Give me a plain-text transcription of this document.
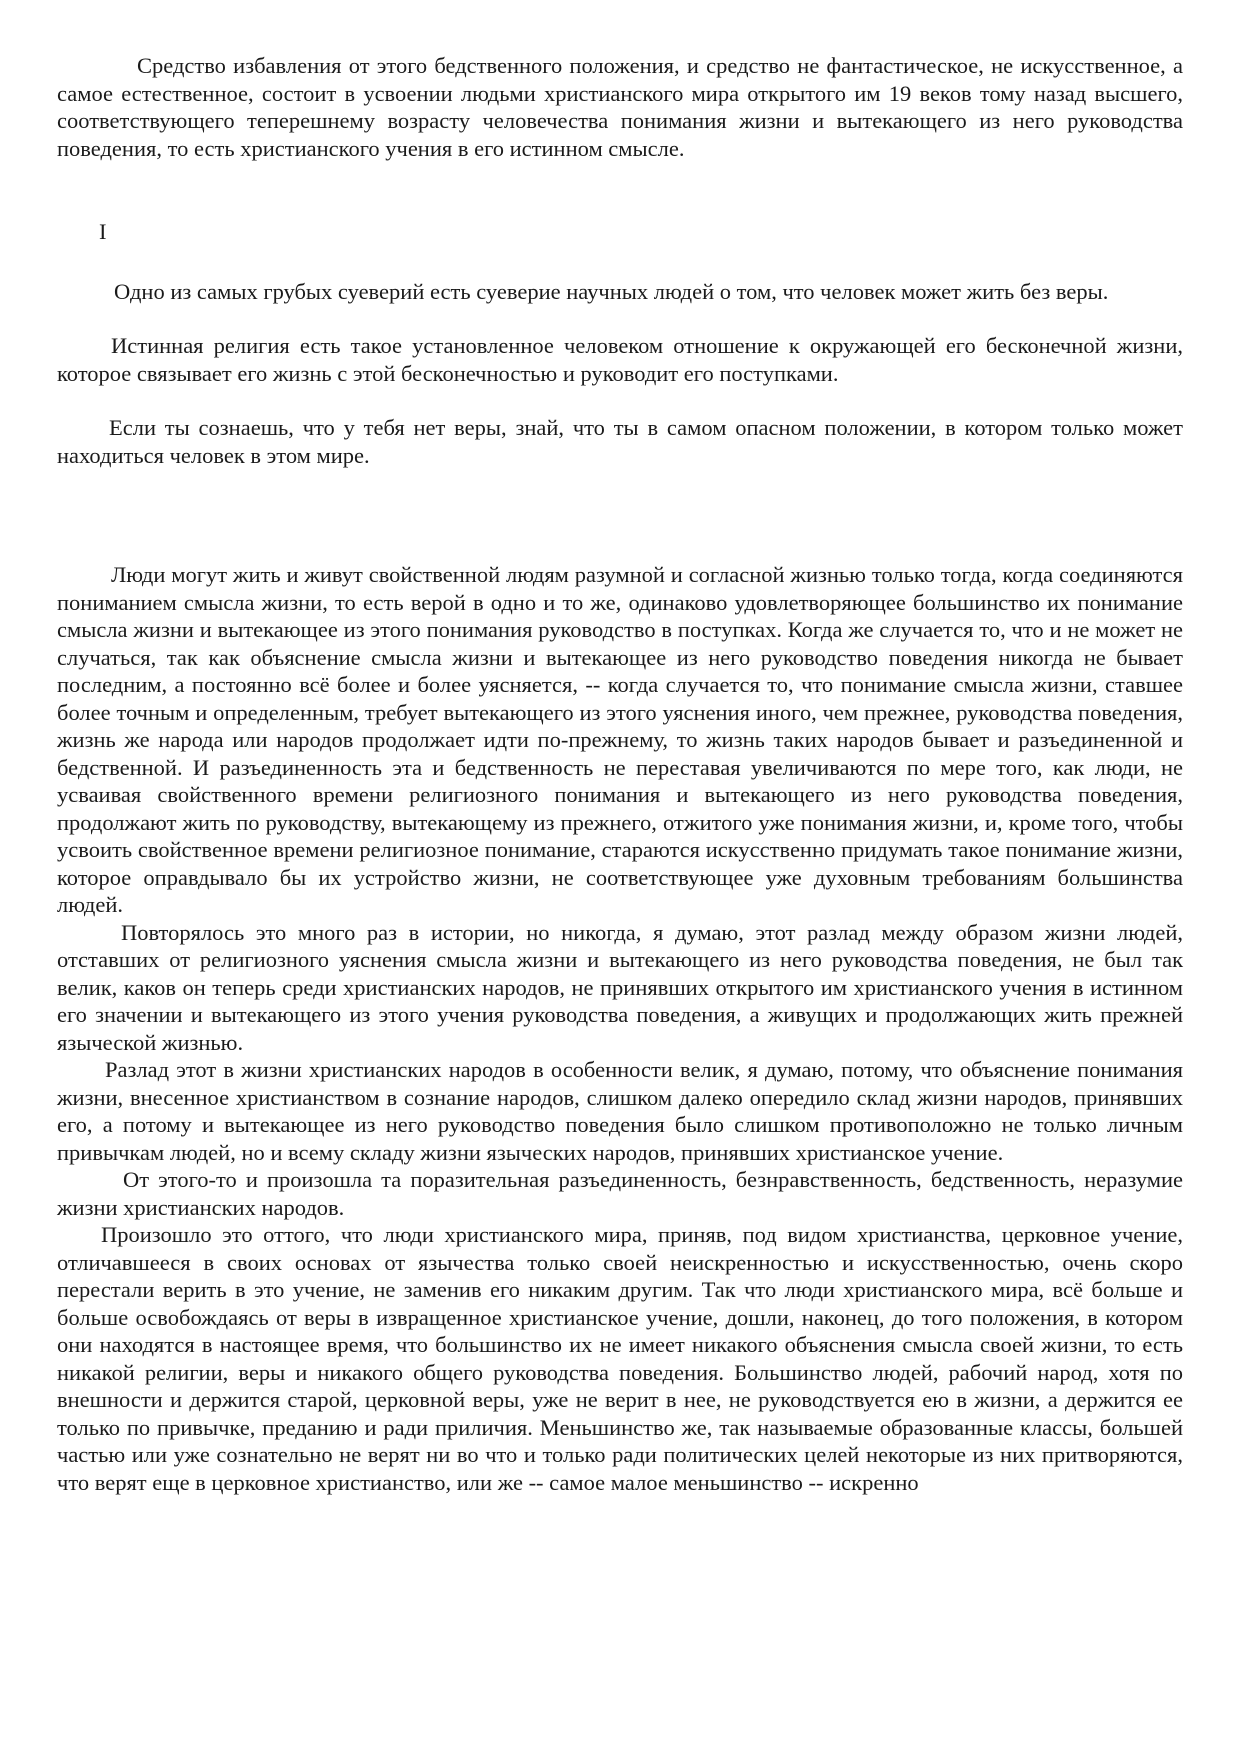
Средство избавления от этого бедственного положения, и средство не фантастическое, не искусственное, а самое естественное, состоит в усвоении людьми христианского мира открытого им 19 веков тому назад высшего, соответствующего теперешнему возрасту человечества понимания жизни и вытекающего из него руководства поведения, то есть христианского учения в его истинном смысле.

I

Одно из самых грубых суеверий есть суеверие научных людей о том, что человек может жить без веры.

Истинная религия есть такое установленное человеком отношение к окружающей его бесконечной жизни, которое связывает его жизнь с этой бесконечностью и руководит его поступками.

Если ты сознаешь, что у тебя нет веры, знай, что ты в самом опасном положении, в котором только может находиться человек в этом мире.

Люди могут жить и живут свойственной людям разумной и согласной жизнью только тогда, когда соединяются пониманием смысла жизни, то есть верой в одно и то же, одинаково удовлетворяющее большинство их понимание смысла жизни и вытекающее из этого понимания руководство в поступках. Когда же случается то, что и не может не случаться, так как объяснение смысла жизни и вытекающее из него руководство поведения никогда не бывает последним, а постоянно всё более и более уясняется, -- когда случается то, что понимание смысла жизни, ставшее более точным и определенным, требует вытекающего из этого уяснения иного, чем прежнее, руководства поведения, жизнь же народа или народов продолжает идти по-прежнему, то жизнь таких народов бывает и разъединенной и бедственной. И разъединенность эта и бедственность не переставая увеличиваются по мере того, как люди, не усваивая свойственного времени религиозного понимания и вытекающего из него руководства поведения, продолжают жить по руководству, вытекающему из прежнего, отжитого уже понимания жизни, и, кроме того, чтобы усвоить свойственное времени религиозное понимание, стараются искусственно придумать такое понимание жизни, которое оправдывало бы их устройство жизни, не соответствующее уже духовным требованиям большинства людей.

Повторялось это много раз в истории, но никогда, я думаю, этот разлад между образом жизни людей, отставших от религиозного уяснения смысла жизни и вытекающего из него руководства поведения, не был так велик, каков он теперь среди христианских народов, не принявших открытого им христианского учения в истинном его значении и вытекающего из этого учения руководства поведения, а живущих и продолжающих жить прежней языческой жизнью.

Разлад этот в жизни христианских народов в особенности велик, я думаю, потому, что объяснение понимания жизни, внесенное христианством в сознание народов, слишком далеко опередило склад жизни народов, принявших его, а потому и вытекающее из него руководство поведения было слишком противоположно не только личным привычкам людей, но и всему складу жизни языческих народов, принявших христианское учение.

От этого-то и произошла та поразительная разъединенность, безнравственность, бедственность, неразумие жизни христианских народов.

Произошло это оттого, что люди христианского мира, приняв, под видом христианства, церковное учение, отличавшееся в своих основах от язычества только своей неискренностью и искусственностью, очень скоро перестали верить в это учение, не заменив его никаким другим. Так что люди христианского мира, всё больше и больше освобождаясь от веры в извращенное христианское учение, дошли, наконец, до того положения, в котором они находятся в настоящее время, что большинство их не имеет никакого объяснения смысла своей жизни, то есть никакой религии, веры и никакого общего руководства поведения. Большинство людей, рабочий народ, хотя по внешности и держится старой, церковной веры, уже не верит в нее, не руководствуется ею в жизни, а держится ее только по привычке, преданию и ради приличия. Меньшинство же, так называемые образованные классы, большей частью или уже сознательно не верят ни во что и только ради политических целей некоторые из них притворяются, что верят еще в церковное христианство, или же -- самое малое меньшинство -- искренно
